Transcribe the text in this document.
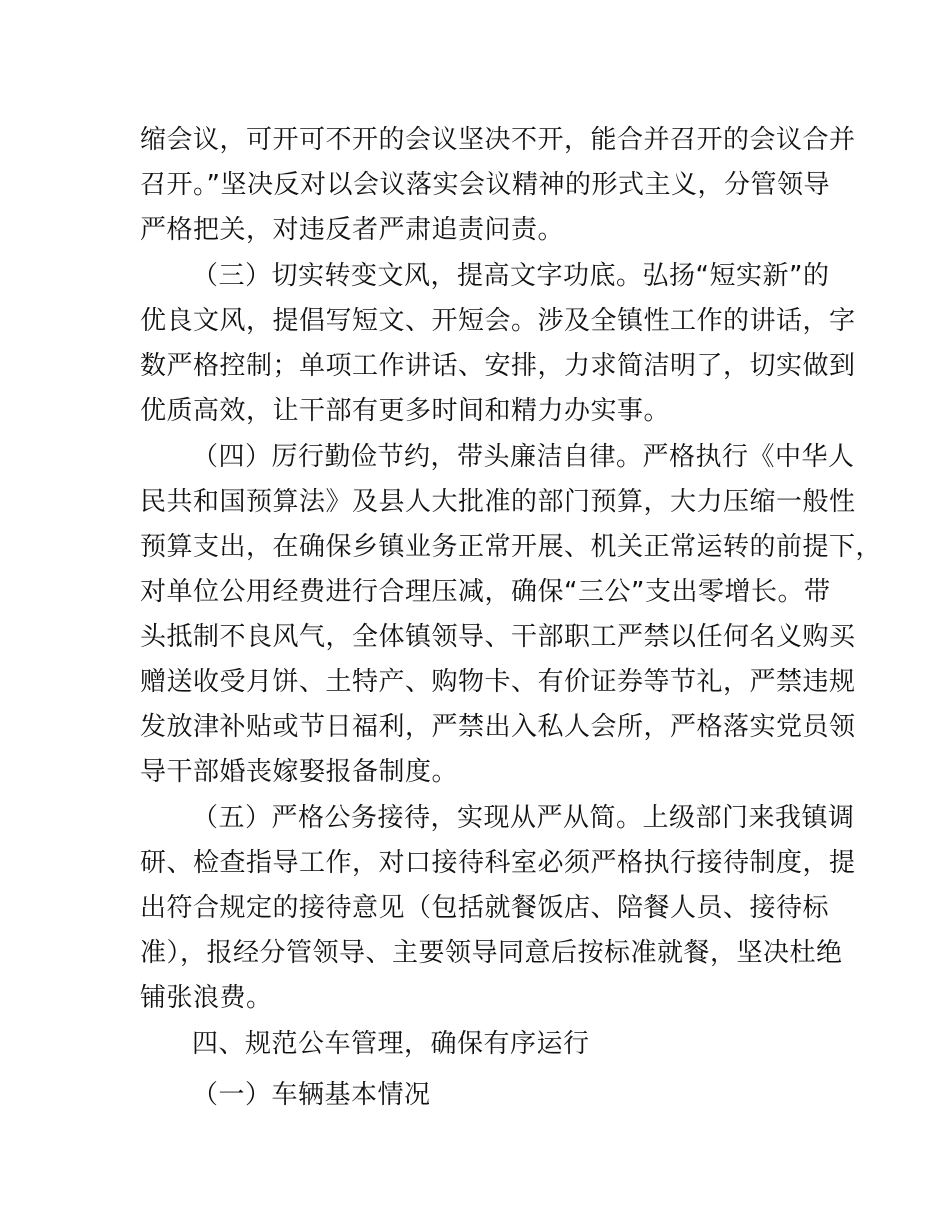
缩会议，可开可不开的会议坚决不开，能合并召开的会议合并
召开。”坚决反对以会议落实会议精神的形式主义，分管领导
严格把关，对违反者严肃追责问责。
（三）切实转变文风，提高文字功底。弘扬“短实新”的
优良文风，提倡写短文、开短会。涉及全镇性工作的讲话，字
数严格控制；单项工作讲话、安排，力求简洁明了，切实做到
优质高效，让干部有更多时间和精力办实事。
（四）厉行勤俭节约，带头廉洁自律。严格执行《中华人
民共和国预算法》及县人大批准的部门预算，大力压缩一般性
预算支出，在确保乡镇业务正常开展、机关正常运转的前提下，
对单位公用经费进行合理压减，确保“三公”支出零增长。带
头抵制不良风气，全体镇领导、干部职工严禁以任何名义购买
赠送收受月饼、土特产、购物卡、有价证券等节礼，严禁违规
发放津补贴或节日福利，严禁出入私人会所，严格落实党员领
导干部婚丧嫁娶报备制度。
（五）严格公务接待，实现从严从简。上级部门来我镇调
研、检查指导工作，对口接待科室必须严格执行接待制度，提
出符合规定的接待意见（包括就餐饭店、陪餐人员、接待标
准），报经分管领导、主要领导同意后按标准就餐，坚决杜绝
铺张浪费。
四、规范公车管理，确保有序运行
（一）车辆基本情况
